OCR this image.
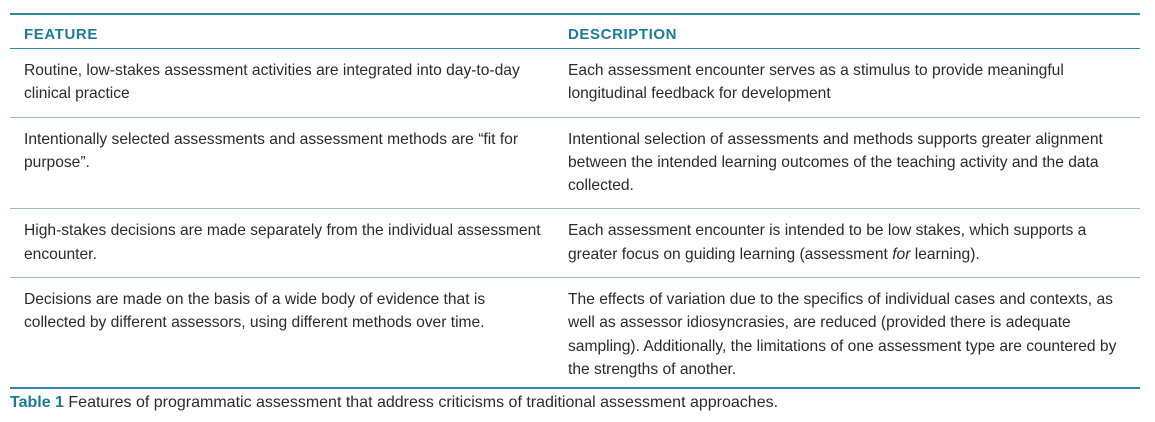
FEATURE	DESCRIPTION
Routine, low-stakes assessment activities are integrated into day-to-day clinical practice	Each assessment encounter serves as a stimulus to provide meaningful longitudinal feedback for development
Intentionally selected assessments and assessment methods are “fit for purpose”.	Intentional selection of assessments and methods supports greater alignment between the intended learning outcomes of the teaching activity and the data collected.
High-stakes decisions are made separately from the individual assessment encounter.	Each assessment encounter is intended to be low stakes, which supports a greater focus on guiding learning (assessment for learning).
Decisions are made on the basis of a wide body of evidence that is collected by different assessors, using different methods over time.	The effects of variation due to the specifics of individual cases and contexts, as well as assessor idiosyncrasies, are reduced (provided there is adequate sampling). Additionally, the limitations of one assessment type are countered by the strengths of another.
Table 1 Features of programmatic assessment that address criticisms of traditional assessment approaches.
